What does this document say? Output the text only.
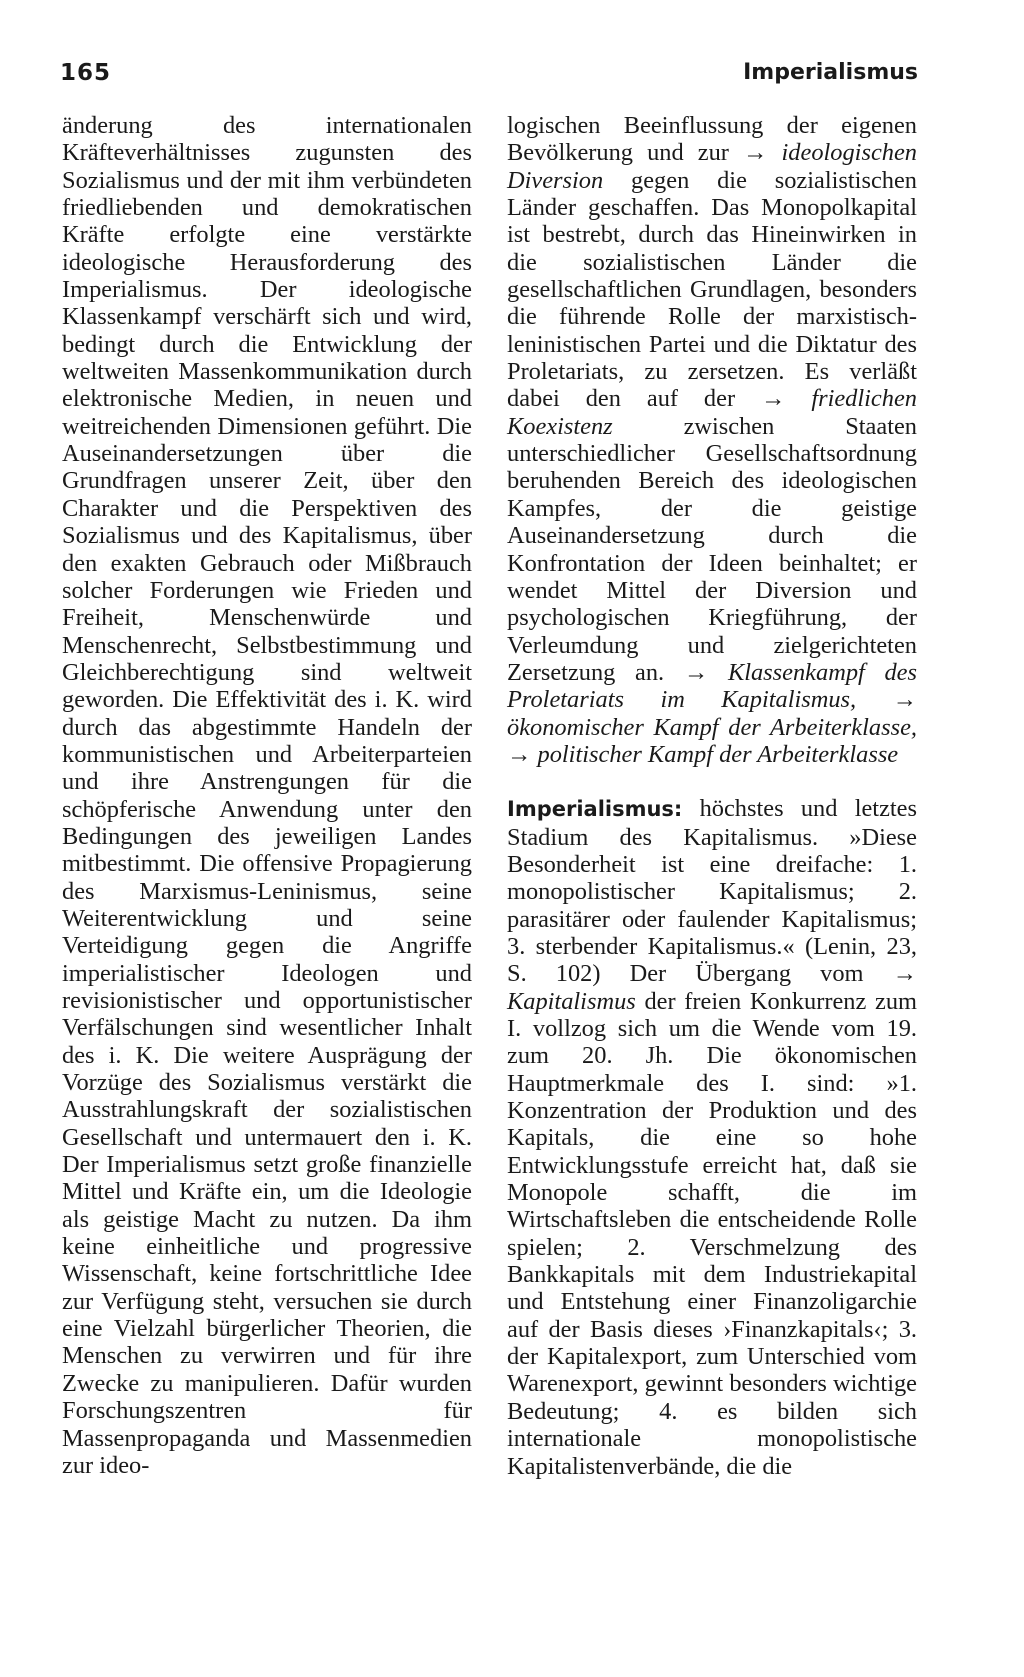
165	Imperialismus

änderung des internationalen Kräfteverhältnisses zugunsten des Sozialismus und der mit ihm verbündeten friedliebenden und demokratischen Kräfte erfolgte eine verstärkte ideologische Herausforderung des Imperialismus. Der ideologische Klassenkampf verschärft sich und wird, bedingt durch die Entwicklung der weltweiten Massenkommunikation durch elektronische Medien, in neuen und weitreichenden Dimensionen geführt. Die Auseinandersetzungen über die Grundfragen unserer Zeit, über den Charakter und die Perspektiven des Sozialismus und des Kapitalismus, über den exakten Gebrauch oder Mißbrauch solcher Forderungen wie Frieden und Freiheit, Menschenwürde und Menschenrecht, Selbstbestimmung und Gleichberechtigung sind weltweit geworden. Die Effektivität des i. K. wird durch das abgestimmte Handeln der kommunistischen und Arbeiterparteien und ihre Anstrengungen für die schöpferische Anwendung unter den Bedingungen des jeweiligen Landes mitbestimmt. Die offensive Propagierung des Marxismus-Leninismus, seine Weiterentwicklung und seine Verteidigung gegen die Angriffe imperialistischer Ideologen und revisionistischer und opportunistischer Verfälschungen sind wesentlicher Inhalt des i. K. Die weitere Ausprägung der Vorzüge des Sozialismus verstärkt die Ausstrahlungskraft der sozialistischen Gesellschaft und untermauert den i. K. Der Imperialismus setzt große finanzielle Mittel und Kräfte ein, um die Ideologie als geistige Macht zu nutzen. Da ihm keine einheitliche und progressive Wissenschaft, keine fortschrittliche Idee zur Verfügung steht, versuchen sie durch eine Vielzahl bürgerlicher Theorien, die Menschen zu verwirren und für ihre Zwecke zu manipulieren. Dafür wurden Forschungszentren für Massenpropaganda und Massenmedien zur ideo-

logischen Beeinflussung der eigenen Bevölkerung und zur → ideologischen Diversion gegen die sozialistischen Länder geschaffen. Das Monopolkapital ist bestrebt, durch das Hineinwirken in die sozialistischen Länder die gesellschaftlichen Grundlagen, besonders die führende Rolle der marxistisch-leninistischen Partei und die Diktatur des Proletariats, zu zersetzen. Es verläßt dabei den auf der → friedlichen Koexistenz zwischen Staaten unterschiedlicher Gesellschaftsordnung beruhenden Bereich des ideologischen Kampfes, der die geistige Auseinandersetzung durch die Konfrontation der Ideen beinhaltet; er wendet Mittel der Diversion und psychologischen Kriegführung, der Verleumdung und zielgerichteten Zersetzung an. → Klassenkampf des Proletariats im Kapitalismus, → ökonomischer Kampf der Arbeiterklasse, → politischer Kampf der Arbeiterklasse

Imperialismus: höchstes und letztes Stadium des Kapitalismus. »Diese Besonderheit ist eine dreifache: 1. monopolistischer Kapitalismus; 2. parasitärer oder faulender Kapitalismus; 3. sterbender Kapitalismus.« (Lenin, 23, S. 102) Der Übergang vom → Kapitalismus der freien Konkurrenz zum I. vollzog sich um die Wende vom 19. zum 20. Jh. Die ökonomischen Hauptmerkmale des I. sind: »1. Konzentration der Produktion und des Kapitals, die eine so hohe Entwicklungsstufe erreicht hat, daß sie Monopole schafft, die im Wirtschaftsleben die entscheidende Rolle spielen; 2. Verschmelzung des Bankkapitals mit dem Industriekapital und Entstehung einer Finanzoligarchie auf der Basis dieses ›Finanzkapitals‹; 3. der Kapitalexport, zum Unterschied vom Warenexport, gewinnt besonders wichtige Bedeutung; 4. es bilden sich internationale monopolistische Kapitalistenverbände, die die
